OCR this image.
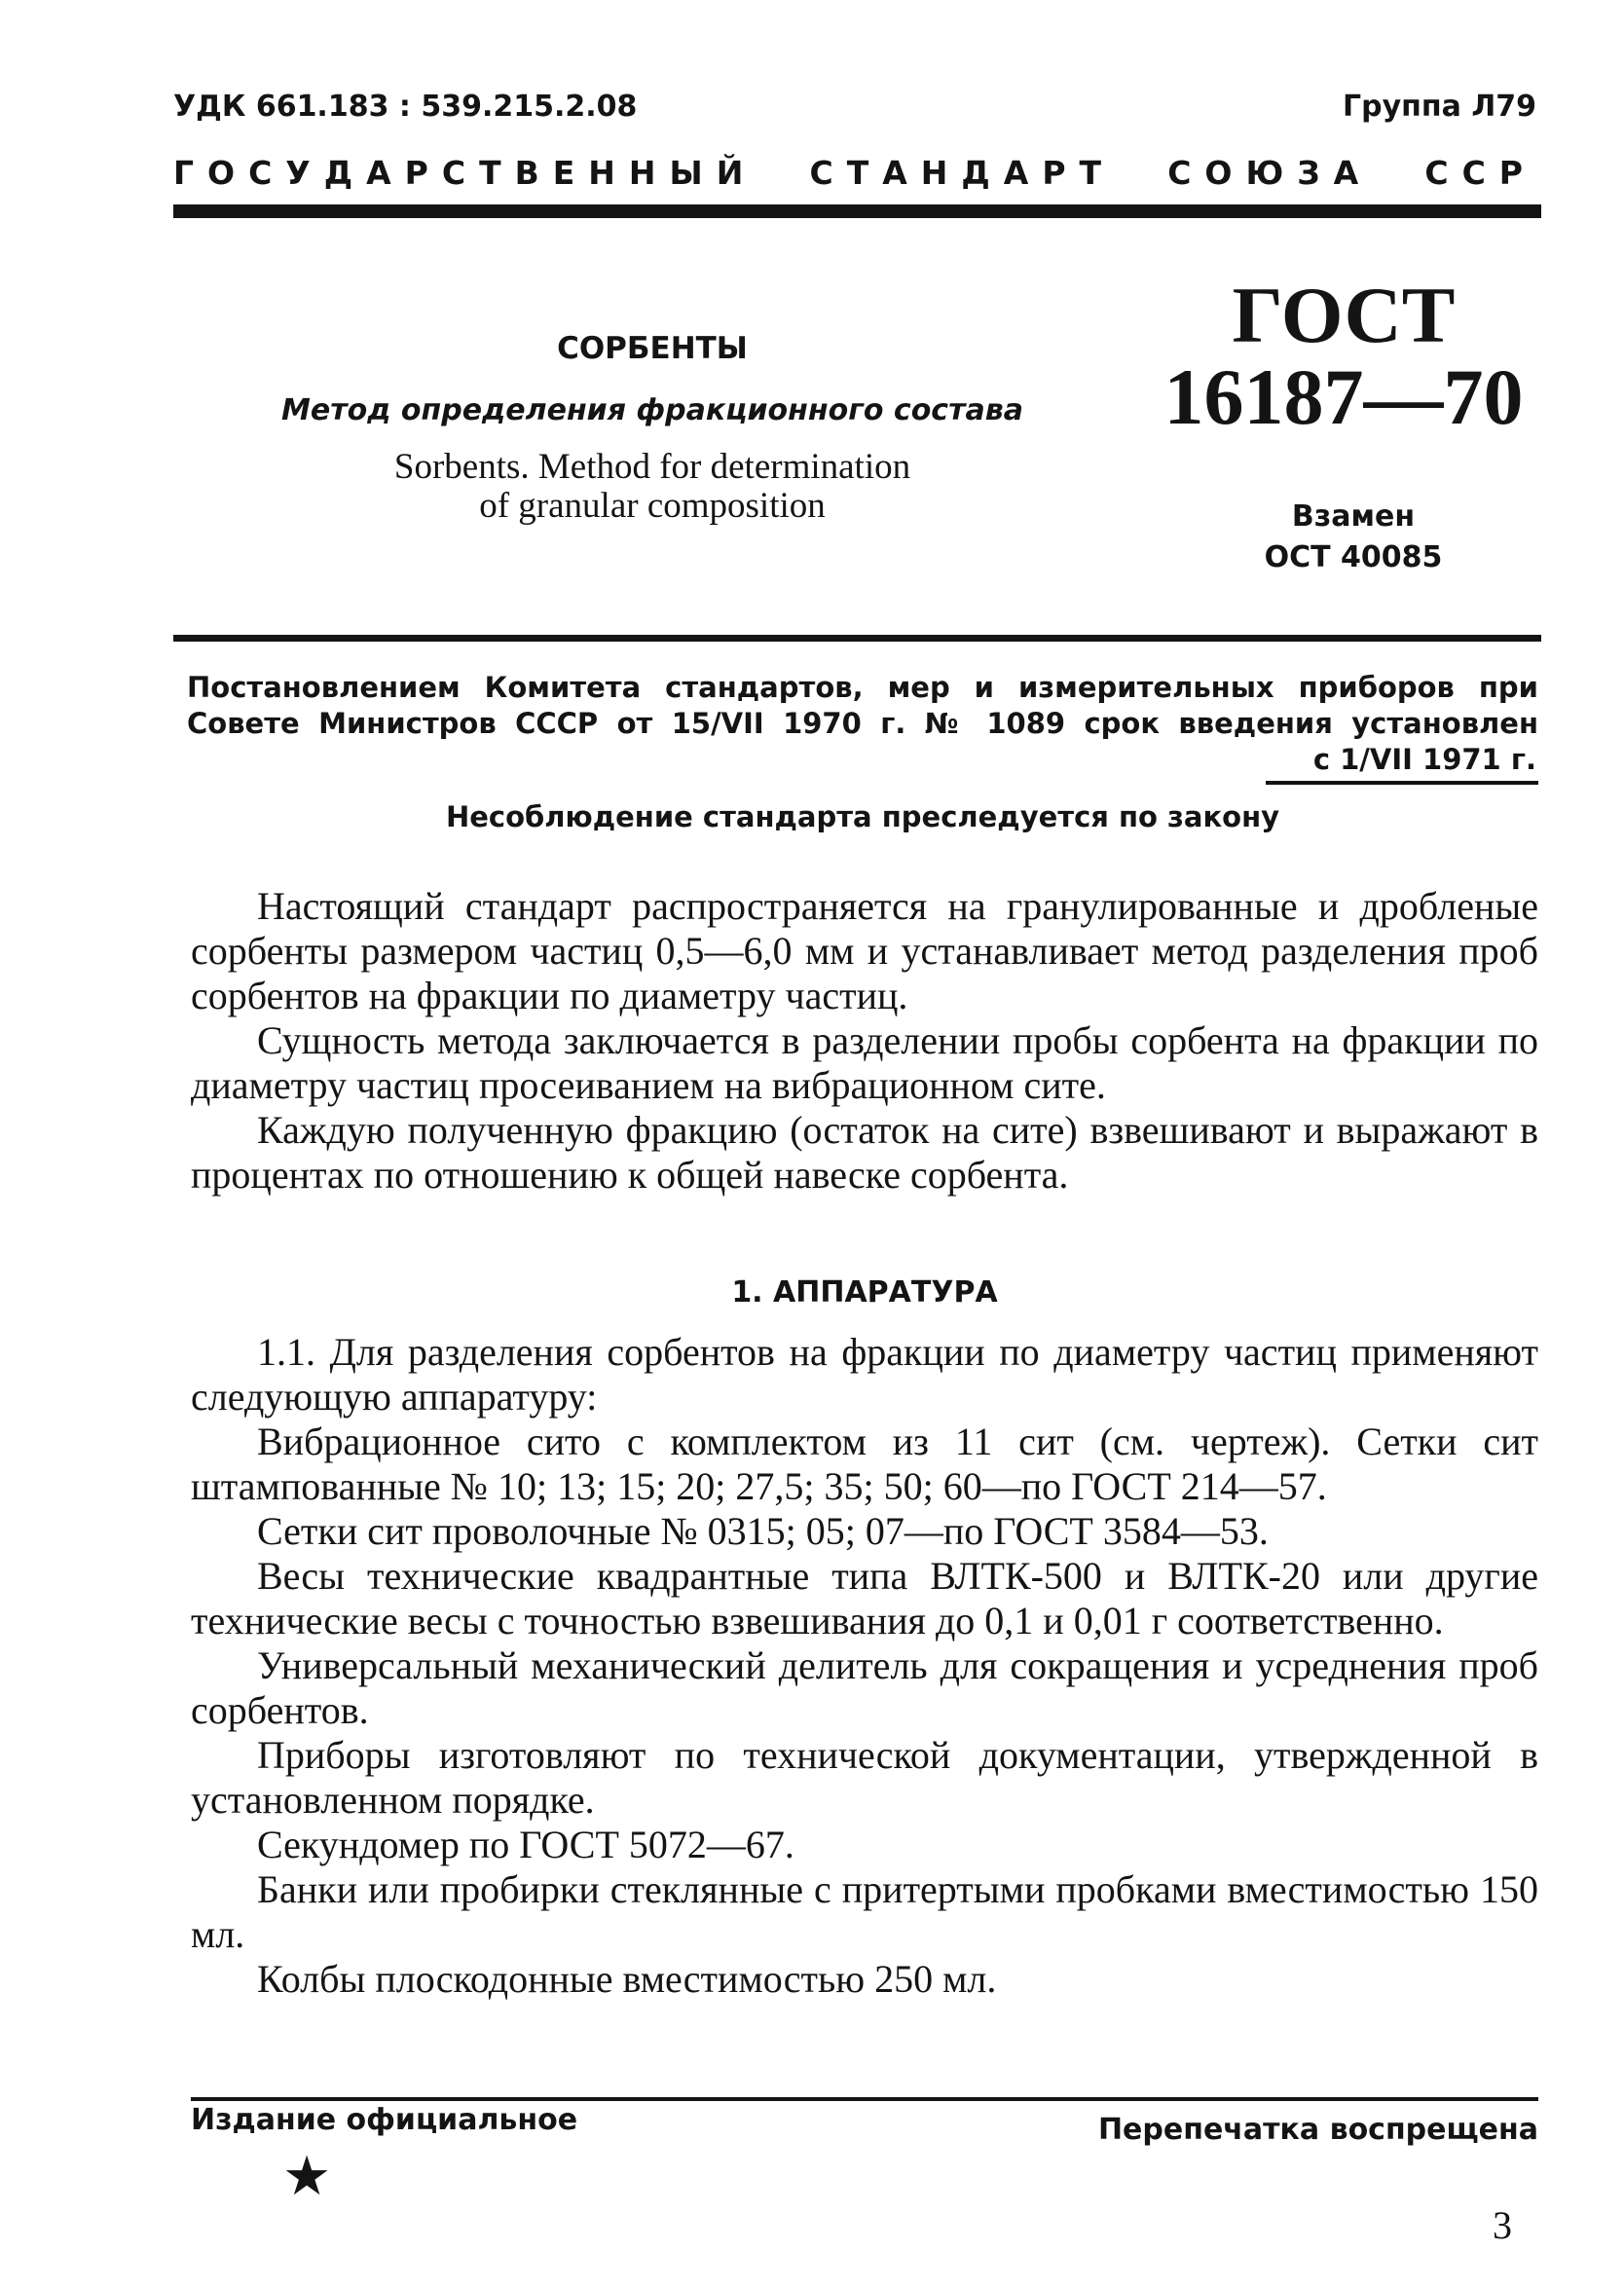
УДК 661.183 : 539.215.2.08	Группа Л79
ГОСУДАРСТВЕННЫЙ СТАНДАРТ СОЮЗА ССР
СОРБЕНТЫ
Метод определения фракционного состава
Sorbents. Method for determination
of granular composition
ГОСТ
16187—70
Взамен
ОСТ 40085
Постановлением Комитета стандартов, мер и измерительных приборов при Совете Министров СССР от 15/VII 1970 г. № 1089 срок введения установлен
с 1/VII 1971 г.
Несоблюдение стандарта преследуется по закону

Настоящий стандарт распространяется на гранулированные и дробленые сорбенты размером частиц 0,5—6,0 мм и устанавливает метод разделения проб сорбентов на фракции по диаметру частиц.

Сущность метода заключается в разделении пробы сорбента на фракции по диаметру частиц просеиванием на вибрационном сите.

Каждую полученную фракцию (остаток на сите) взвешивают и выражают в процентах по отношению к общей навеске сорбента.

1. АППАРАТУРА

1.1. Для разделения сорбентов на фракции по диаметру частиц применяют следующую аппаратуру:

Вибрационное сито с комплектом из 11 сит (см. чертеж). Сетки сит штампованные № 10; 13; 15; 20; 27,5; 35; 50; 60—по ГОСТ 214—57.

Сетки сит проволочные № 0315; 05; 07—по ГОСТ 3584—53.

Весы технические квадрантные типа ВЛТК-500 и ВЛТК-20 или другие технические весы с точностью взвешивания до 0,1 и 0,01 г соответственно.

Универсальный механический делитель для сокращения и усреднения проб сорбентов.

Приборы изготовляют по технической документации, утвержденной в установленном порядке.

Секундомер по ГОСТ 5072—67.

Банки или пробирки стеклянные с притертыми пробками вместимостью 150 мл.

Колбы плоскодонные вместимостью 250 мл.

Издание официальное	Перепечатка воспрещена
★
3
